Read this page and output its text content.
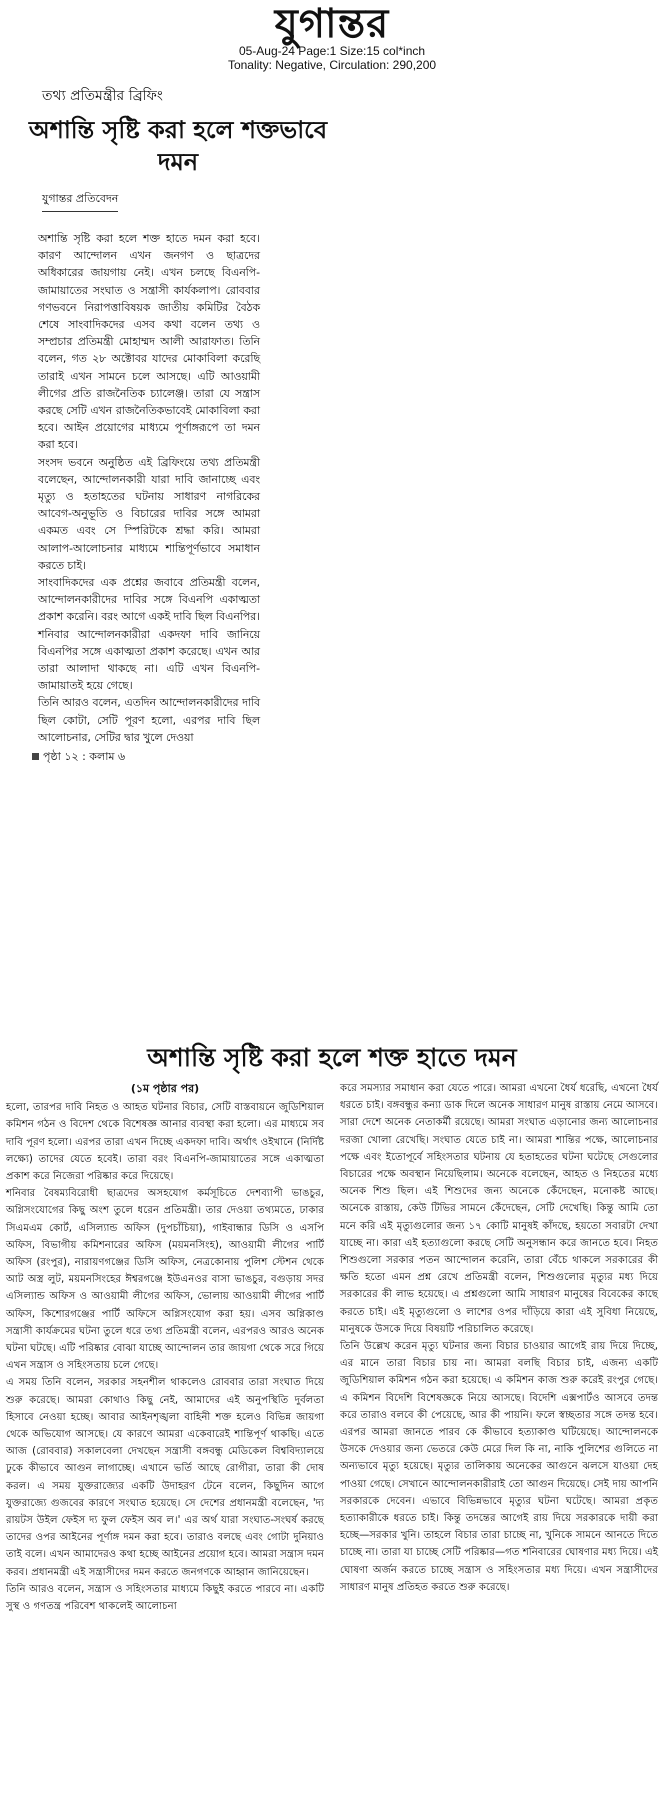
যুগান্তর
05-Aug-24 Page:1 Size:15 col*inch
Tonality: Negative, Circulation: 290,200
তথ্য প্রতিমন্ত্রীর ব্রিফিং
অশান্তি সৃষ্টি করা হলে শক্তভাবে দমন
যুগান্তর প্রতিবেদন

অশান্তি সৃষ্টি করা হলে শক্ত হাতে দমন করা হবে। কারণ আন্দোলন এখন জনগণ ও ছাত্রদের অধিকারের জায়গায় নেই। এখন চলছে বিএনপি-জামায়াতের সংঘাত ও সন্ত্রাসী কার্যকলাপ। রোববার গণভবনে নিরাপত্তাবিষয়ক জাতীয় কমিটির বৈঠক শেষে সাংবাদিকদের এসব কথা বলেন তথ্য ও সম্প্রচার প্রতিমন্ত্রী মোহাম্মদ আলী আরাফাত। তিনি বলেন, গত ২৮ অক্টোবর যাদের মোকাবিলা করেছি তারাই এখন সামনে চলে আসছে। এটি আওয়ামী লীগের প্রতি রাজনৈতিক চ্যালেঞ্জ। তারা যে সন্ত্রাস করছে সেটি এখন রাজনৈতিকভাবেই মোকাবিলা করা হবে। আইন প্রয়োগের মাধ্যমে পূর্ণাঙ্গরূপে তা দমন করা হবে।

সংসদ ভবনে অনুষ্ঠিত এই ব্রিফিংয়ে তথ্য প্রতিমন্ত্রী বলেছেন, আন্দোলনকারী যারা দাবি জানাচ্ছে এবং মৃত্যু ও হতাহতের ঘটনায় সাধারণ নাগরিকের আবেগ-অনুভূতি ও বিচারের দাবির সঙ্গে আমরা একমত এবং সে স্পিরিটকে শ্রদ্ধা করি। আমরা আলাপ-আলোচনার মাধ্যমে শান্তিপূর্ণভাবে সমাধান করতে চাই।

সাংবাদিকদের এক প্রশ্নের জবাবে প্রতিমন্ত্রী বলেন, আন্দোলনকারীদের দাবির সঙ্গে বিএনপি একাত্মতা প্রকাশ করেনি। বরং আগে একই দাবি ছিল বিএনপির। শনিবার আন্দোলনকারীরা একদফা দাবি জানিয়ে বিএনপির সঙ্গে একাত্মতা প্রকাশ করেছে। এখন আর তারা আলাদা থাকছে না। এটি এখন বিএনপি-জামায়াতই হয়ে গেছে।

তিনি আরও বলেন, এতদিন আন্দোলনকারীদের দাবি ছিল কোটা, সেটি পূরণ হলো, এরপর দাবি ছিল আলোচনার, সেটির দ্বার খুলে দেওয়া

পৃষ্ঠা ১২ : কলাম ৬
অশান্তি সৃষ্টি করা হলে শক্ত হাতে দমন
(১ম পৃষ্ঠার পর)

হলো, তারপর দাবি নিহত ও আহত ঘটনার বিচার, সেটি বাস্তবায়নে জুডিশিয়াল কমিশন গঠন ও বিদেশ থেকে বিশেষজ্ঞ আনার ব্যবস্থা করা হলো। এর মাধ্যমে সব দাবি পূরণ হলো। এরপর তারা এখন দিচ্ছে একদফা দাবি। অর্থাৎ ওইখানে (নির্দিষ্ট লক্ষ্যে) তাদের যেতে হবেই। তারা বরং বিএনপি-জামায়াতের সঙ্গে একাত্মতা প্রকাশ করে নিজেরা পরিষ্কার করে দিয়েছে।

শনিবার বৈষম্যবিরোধী ছাত্রদের অসহযোগ কর্মসূচিতে দেশব্যাপী ভাঙচুর, অগ্নিসংযোগের কিছু অংশ তুলে ধরেন প্রতিমন্ত্রী। তার দেওয়া তথ্যমতে, ঢাকার সিএমএম কোর্ট, এসিল্যান্ড অফিস (দুপচাঁচিয়া), গাইবান্ধার ডিসি ও এসপি অফিস, বিভাগীয় কমিশনারের অফিস (ময়মনসিংহ), আওয়ামী লীগের পার্টি অফিস (রংপুর), নারায়ণগঞ্জের ডিসি অফিস, নেত্রকোনায় পুলিশ স্টেশন থেকে আট অস্ত্র লুট, ময়মনসিংহের ঈশ্বরগঞ্জে ইউএনওর বাসা ভাঙচুর, বগুড়ায় সদর এসিল্যান্ড অফিস ও আওয়ামী লীগের অফিস, ভোলায় আওয়ামী লীগের পার্টি অফিস, কিশোরগঞ্জের পার্টি অফিসে অগ্নিসংযোগ করা হয়। এসব অগ্নিকাণ্ড সন্ত্রাসী কার্যক্রমের ঘটনা তুলে ধরে তথ্য প্রতিমন্ত্রী বলেন, এরপরও আরও অনেক ঘটনা ঘটছে। এটি পরিষ্কার বোঝা যাচ্ছে আন্দোলন তার জায়গা থেকে সরে গিয়ে এখন সন্ত্রাস ও সহিংসতায় চলে গেছে।

এ সময় তিনি বলেন, সরকার সহনশীল থাকলেও রোববার তারা সংঘাত দিয়ে শুরু করেছে। আমরা কোথাও কিছু নেই, আমাদের এই অনুপস্থিতি দুর্বলতা হিসাবে নেওয়া হচ্ছে। আবার আইনশৃঙ্খলা বাহিনী শক্ত হলেও বিভিন্ন জায়গা থেকে অভিযোগ আসছে। যে কারণে আমরা একেবারেই শান্তিপূর্ণ থাকছি। এতে আজ (রোববার) সকালবেলা দেখছেন সন্ত্রাসী বঙ্গবন্ধু মেডিকেল বিশ্ববিদ্যালয়ে ঢুকে কীভাবে আগুন লাগাচ্ছে। এখানে ভর্তি আছে রোগীরা, তারা কী দোষ করল। এ সময় যুক্তরাজ্যের একটি উদাহরণ টেনে বলেন, কিছুদিন আগে যুক্তরাজ্যে গুজবের কারণে সংঘাত হয়েছে। সে দেশের প্রধানমন্ত্রী বলেছেন, 'দ্য রায়টস উইল ফেইস দ্য ফুল ফেইস অব ল।' এর অর্থ যারা সংঘাত-সংঘর্ষ করছে তাদের ওপর আইনের পূর্ণাঙ্গ দমন করা হবে। তারাও বলছে এবং গোটা দুনিয়াও তাই বলে। এখন আমাদেরও কথা হচ্ছে আইনের প্রয়োগ হবে। আমরা সন্ত্রাস দমন করব। প্রধানমন্ত্রী এই সন্ত্রাসীদের দমন করতে জনগণকে আহ্বান জানিয়েছেন।

তিনি আরও বলেন, সন্ত্রাস ও সহিংসতার মাধ্যমে কিছুই করতে পারবে না। একটি সুস্থ ও গণতন্ত্র পরিবেশ থাকলেই আলোচনা

করে সমস্যার সমাধান করা যেতে পারে। আমরা এখনো ধৈর্য ধরেছি, এখনো ধৈর্য ধরতে চাই। বঙ্গবন্ধুর কন্যা ডাক দিলে অনেক সাধারণ মানুষ রাস্তায় নেমে আসবে। সারা দেশে অনেক নেতাকর্মী রয়েছে। আমরা সংঘাত এড়ানোর জন্য আলোচনার দরজা খোলা রেখেছি। সংঘাত যেতে চাই না। আমরা শান্তির পক্ষে, আলোচনার পক্ষে এবং ইতোপূর্বে সহিংসতার ঘটনায় যে হতাহতের ঘটনা ঘটেছে সেগুলোর বিচারের পক্ষে অবস্থান নিয়েছিলাম। অনেকে বলেছেন, আহত ও নিহতের মধ্যে অনেক শিশু ছিল। এই শিশুদের জন্য অনেকে কেঁদেছেন, মনোকষ্ট আছে। অনেকে রাস্তায়, কেউ টিভির সামনে কেঁদেছেন, সেটি দেখেছি। কিন্তু আমি তো মনে করি এই মৃত্যুগুলোর জন্য ১৭ কোটি মানুষই কাঁদছে, হয়তো সবারটা দেখা যাচ্ছে না। কারা এই হত্যাগুলো করছে সেটি অনুসন্ধান করে জানতে হবে। নিহত শিশুগুলো সরকার পতন আন্দোলন করেনি, তারা বেঁচে থাকলে সরকারের কী ক্ষতি হতো এমন প্রশ্ন রেখে প্রতিমন্ত্রী বলেন, শিশুগুলোর মৃত্যুর মধ্য দিয়ে সরকারের কী লাভ হয়েছে। এ প্রশ্নগুলো আমি সাধারণ মানুষের বিবেকের কাছে করতে চাই। এই মৃত্যুগুলো ও লাশের ওপর দাঁড়িয়ে কারা এই সুবিধা নিয়েছে, মানুষকে উসকে দিয়ে বিষয়টি পরিচালিত করেছে।

তিনি উল্লেখ করেন মৃত্যু ঘটনার জন্য বিচার চাওয়ার আগেই রায় দিয়ে দিচ্ছে, এর মানে তারা বিচার চায় না। আমরা বলছি বিচার চাই, এজন্য একটি জুডিশিয়াল কমিশন গঠন করা হয়েছে। এ কমিশন কাজ শুরু করেই রংপুর গেছে। এ কমিশন বিদেশি বিশেষজ্ঞকে নিয়ে আসছে। বিদেশি এক্সপার্টও আসবে তদন্ত করে তারাও বলবে কী পেয়েছে, আর কী পায়নি। ফলে স্বচ্ছতার সঙ্গে তদন্ত হবে। এরপর আমরা জানতে পারব কে কীভাবে হত্যাকাণ্ড ঘটিয়েছে। আন্দোলনকে উসকে দেওয়ার জন্য ভেতরে কেউ মেরে দিল কি না, নাকি পুলিশের গুলিতে না অন্যভাবে মৃত্যু হয়েছে। মৃত্যুর তালিকায় অনেকের আগুনে ঝলসে যাওয়া দেহ পাওয়া গেছে। সেখানে আন্দোলনকারীরাই তো আগুন দিয়েছে। সেই দায় আপনি সরকারকে দেবেন। এভাবে বিভিন্নভাবে মৃত্যুর ঘটনা ঘটেছে। আমরা প্রকৃত হত্যাকারীকে ধরতে চাই। কিন্তু তদন্তের আগেই রায় দিয়ে সরকারকে দায়ী করা হচ্ছে—সরকার খুনি। তাহলে বিচার তারা চাচ্ছে না, খুনিকে সামনে আনতে দিতে চাচ্ছে না। তারা যা চাচ্ছে সেটি পরিষ্কার—গত শনিবারের ঘোষণার মধ্য দিয়ে। এই ঘোষণা অর্জন করতে চাচ্ছে সন্ত্রাস ও সহিংসতার মধ্য দিয়ে। এখন সন্ত্রাসীদের সাধারণ মানুষ প্রতিহত করতে শুরু করেছে।
